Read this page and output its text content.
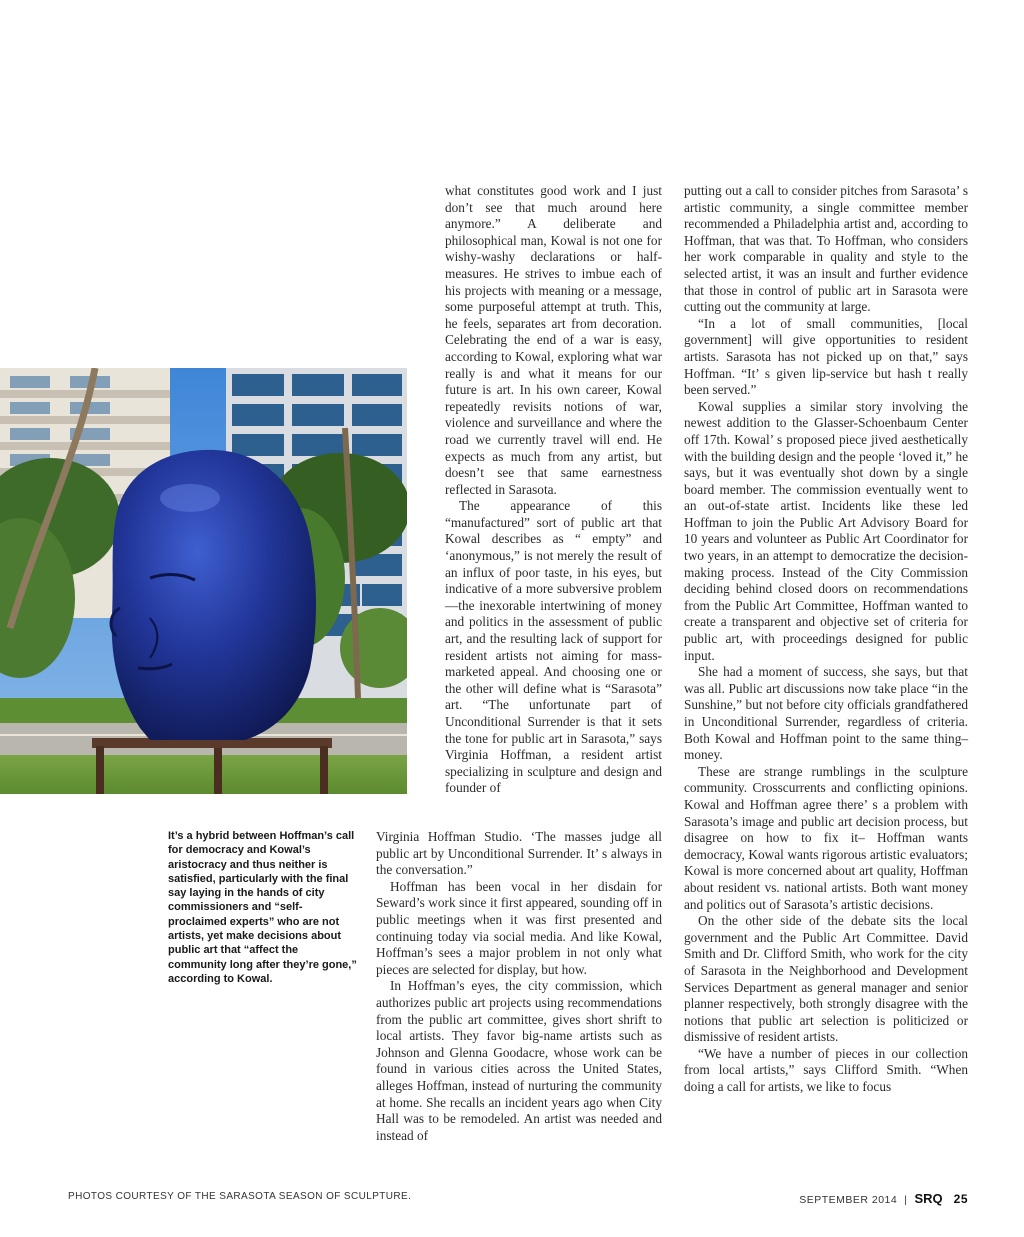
It’s a hybrid between Hoffman’s call for democracy and Kowal’s aristocracy and thus neither is satisfied, particularly with the final say laying in the hands of city commissioners and “self-proclaimed experts” who are not artists, yet make decisions about public art that “affect the community long after they’re gone,” according to Kowal.

what constitutes good work and I just don’t see that much around here anymore.” A deliberate and philosophical man, Kowal is not one for wishy-washy declarations or half-measures. He strives to imbue each of his projects with meaning or a message, some purposeful attempt at truth. This, he feels, separates art from decoration. Celebrating the end of a war is easy, according to Kowal, exploring what war really is and what it means for our future is art. In his own career, Kowal repeatedly revisits notions of war, violence and surveillance and where the road we currently travel will end. He expects as much from any artist, but doesn’t see that same earnestness reflected in Sarasota.

The appearance of this “manufactured” sort of public art that Kowal describes as “ empty” and ‘anonymous,” is not merely the result of an influx of poor taste, in his eyes, but indicative of a more subversive problem—the inexorable intertwining of money and politics in the assessment of public art, and the resulting lack of support for resident artists not aiming for mass-marketed appeal. And choosing one or the other will define what is “Sarasota” art. “The unfortunate part of Unconditional Surrender is that it sets the tone for public art in Sarasota,” says Virginia Hoffman, a resident artist specializing in sculpture and design and founder of

Virginia Hoffman Studio. ‘The masses judge all public art by Unconditional Surrender. It’ s always in the conversation.”

Hoffman has been vocal in her disdain for Seward’s work since it first appeared, sounding off in public meetings when it was first presented and continuing today via social media. And like Kowal, Hoffman’s sees a major problem in not only what pieces are selected for display, but how.

In Hoffman’s eyes, the city commission, which authorizes public art projects using recommendations from the public art committee, gives short shrift to local artists. They favor big-name artists such as Johnson and Glenna Goodacre, whose work can be found in various cities across the United States, alleges Hoffman, instead of nurturing the community at home. She recalls an incident years ago when City Hall was to be remodeled. An artist was needed and instead of

putting out a call to consider pitches from Sarasota’ s artistic community, a single committee member recommended a Philadelphia artist and, according to Hoffman, that was that. To Hoffman, who considers her work comparable in quality and style to the selected artist, it was an insult and further evidence that those in control of public art in Sarasota were cutting out the community at large.

“In a lot of small communities, [local government] will give opportunities to resident artists. Sarasota has not picked up on that,” says Hoffman. “It’ s given lip-service but hash t really been served.”

Kowal supplies a similar story involving the newest addition to the Glasser-Schoenbaum Center off 17th. Kowal’ s proposed piece jived aesthetically with the building design and the people ‘loved it,” he says, but it was eventually shot down by a single board member. The commission eventually went to an out-of-state artist. Incidents like these led Hoffman to join the Public Art Advisory Board for 10 years and volunteer as Public Art Coordinator for two years, in an attempt to democratize the decision-making process. Instead of the City Commission deciding behind closed doors on recommendations from the Public Art Committee, Hoffman wanted to create a transparent and objective set of criteria for public art, with proceedings designed for public input.

She had a moment of success, she says, but that was all. Public art discussions now take place “in the Sunshine,” but not before city officials grandfathered in Unconditional Surrender, regardless of criteria. Both Kowal and Hoffman point to the same thing– money.

These are strange rumblings in the sculpture community. Crosscurrents and conflicting opinions. Kowal and Hoffman agree there’ s a problem with Sarasota’s image and public art decision process, but disagree on how to fix it– Hoffman wants democracy, Kowal wants rigorous artistic evaluators; Kowal is more concerned about art quality, Hoffman about resident vs. national artists. Both want money and politics out of Sarasota’s artistic decisions.

On the other side of the debate sits the local government and the Public Art Committee. David Smith and Dr. Clifford Smith, who work for the city of Sarasota in the Neighborhood and Development Services Department as general manager and senior planner respectively, both strongly disagree with the notions that public art selection is politicized or dismissive of resident artists.

“We have a number of pieces in our collection from local artists,” says Clifford Smith. “When doing a call for artists, we like to focus

PHOTOS COURTESY OF THE SARASOTA SEASON OF SCULPTURE.	SEPTEMBER 2014 | SRQ 25
